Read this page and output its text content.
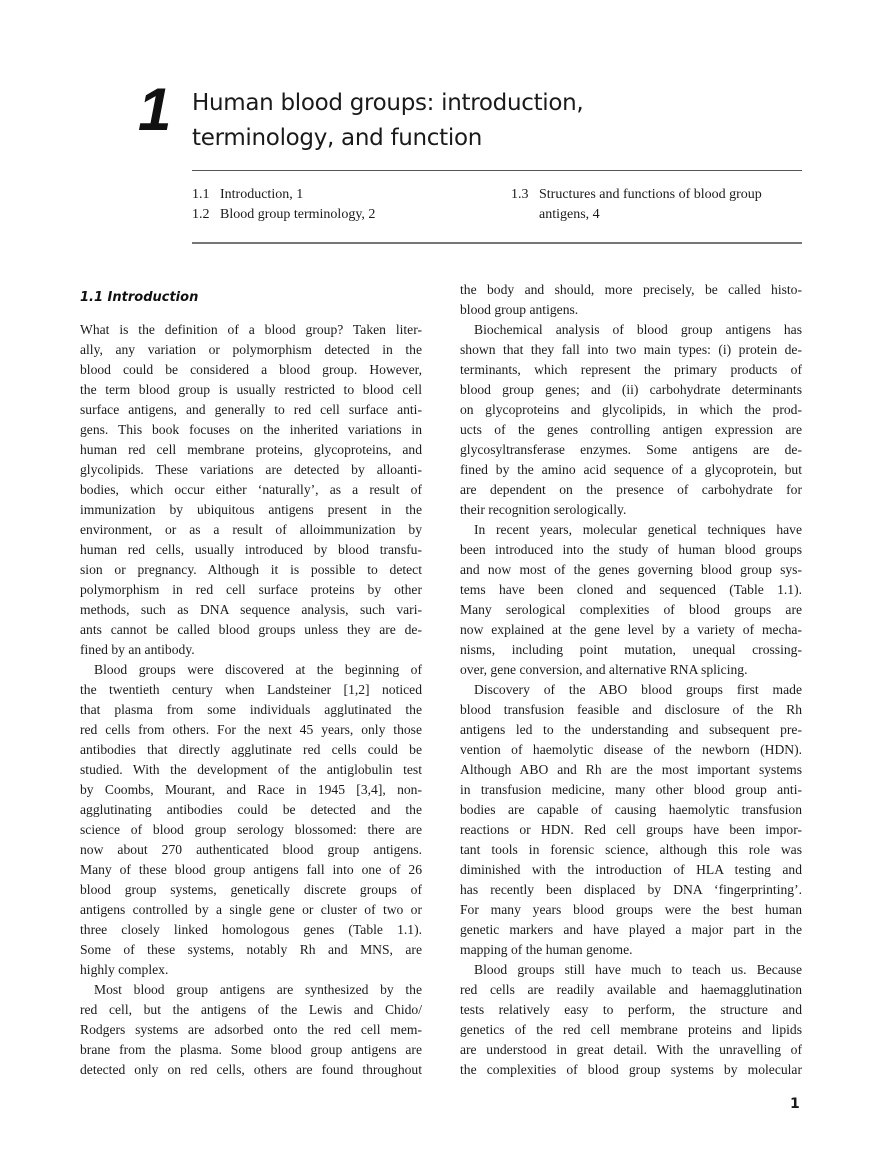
1 Human blood groups: introduction,
terminology, and function
1.1 Introduction, 1
1.2 Blood group terminology, 2
1.3 Structures and functions of blood group
antigens, 4
1.1 Introduction
What is the definition of a blood group? Taken liter-
ally, any variation or polymorphism detected in the
blood could be considered a blood group. However,
the term blood group is usually restricted to blood cell
surface antigens, and generally to red cell surface anti-
gens. This book focuses on the inherited variations in
human red cell membrane proteins, glycoproteins, and
glycolipids. These variations are detected by alloanti-
bodies, which occur either ‘naturally’, as a result of
immunization by ubiquitous antigens present in the
environment, or as a result of alloimmunization by
human red cells, usually introduced by blood transfu-
sion or pregnancy. Although it is possible to detect
polymorphism in red cell surface proteins by other
methods, such as DNA sequence analysis, such vari-
ants cannot be called blood groups unless they are de-
fined by an antibody.
Blood groups were discovered at the beginning of
the twentieth century when Landsteiner [1,2] noticed
that plasma from some individuals agglutinated the
red cells from others. For the next 45 years, only those
antibodies that directly agglutinate red cells could be
studied. With the development of the antiglobulin test
by Coombs, Mourant, and Race in 1945 [3,4], non-
agglutinating antibodies could be detected and the
science of blood group serology blossomed: there are
now about 270 authenticated blood group antigens.
Many of these blood group antigens fall into one of 26
blood group systems, genetically discrete groups of
antigens controlled by a single gene or cluster of two or
three closely linked homologous genes (Table 1.1).
Some of these systems, notably Rh and MNS, are
highly complex.
Most blood group antigens are synthesized by the
red cell, but the antigens of the Lewis and Chido/
Rodgers systems are adsorbed onto the red cell mem-
brane from the plasma. Some blood group antigens are
detected only on red cells, others are found throughout
the body and should, more precisely, be called histo-
blood group antigens.
Biochemical analysis of blood group antigens has
shown that they fall into two main types: (i) protein de-
terminants, which represent the primary products of
blood group genes; and (ii) carbohydrate determinants
on glycoproteins and glycolipids, in which the prod-
ucts of the genes controlling antigen expression are
glycosyltransferase enzymes. Some antigens are de-
fined by the amino acid sequence of a glycoprotein, but
are dependent on the presence of carbohydrate for
their recognition serologically.
In recent years, molecular genetical techniques have
been introduced into the study of human blood groups
and now most of the genes governing blood group sys-
tems have been cloned and sequenced (Table 1.1).
Many serological complexities of blood groups are
now explained at the gene level by a variety of mecha-
nisms, including point mutation, unequal crossing-
over, gene conversion, and alternative RNA splicing.
Discovery of the ABO blood groups first made
blood transfusion feasible and disclosure of the Rh
antigens led to the understanding and subsequent pre-
vention of haemolytic disease of the newborn (HDN).
Although ABO and Rh are the most important systems
in transfusion medicine, many other blood group anti-
bodies are capable of causing haemolytic transfusion
reactions or HDN. Red cell groups have been impor-
tant tools in forensic science, although this role was
diminished with the introduction of HLA testing and
has recently been displaced by DNA ‘fingerprinting’.
For many years blood groups were the best human
genetic markers and have played a major part in the
mapping of the human genome.
Blood groups still have much to teach us. Because
red cells are readily available and haemagglutination
tests relatively easy to perform, the structure and
genetics of the red cell membrane proteins and lipids
are understood in great detail. With the unravelling of
the complexities of blood group systems by molecular
1
